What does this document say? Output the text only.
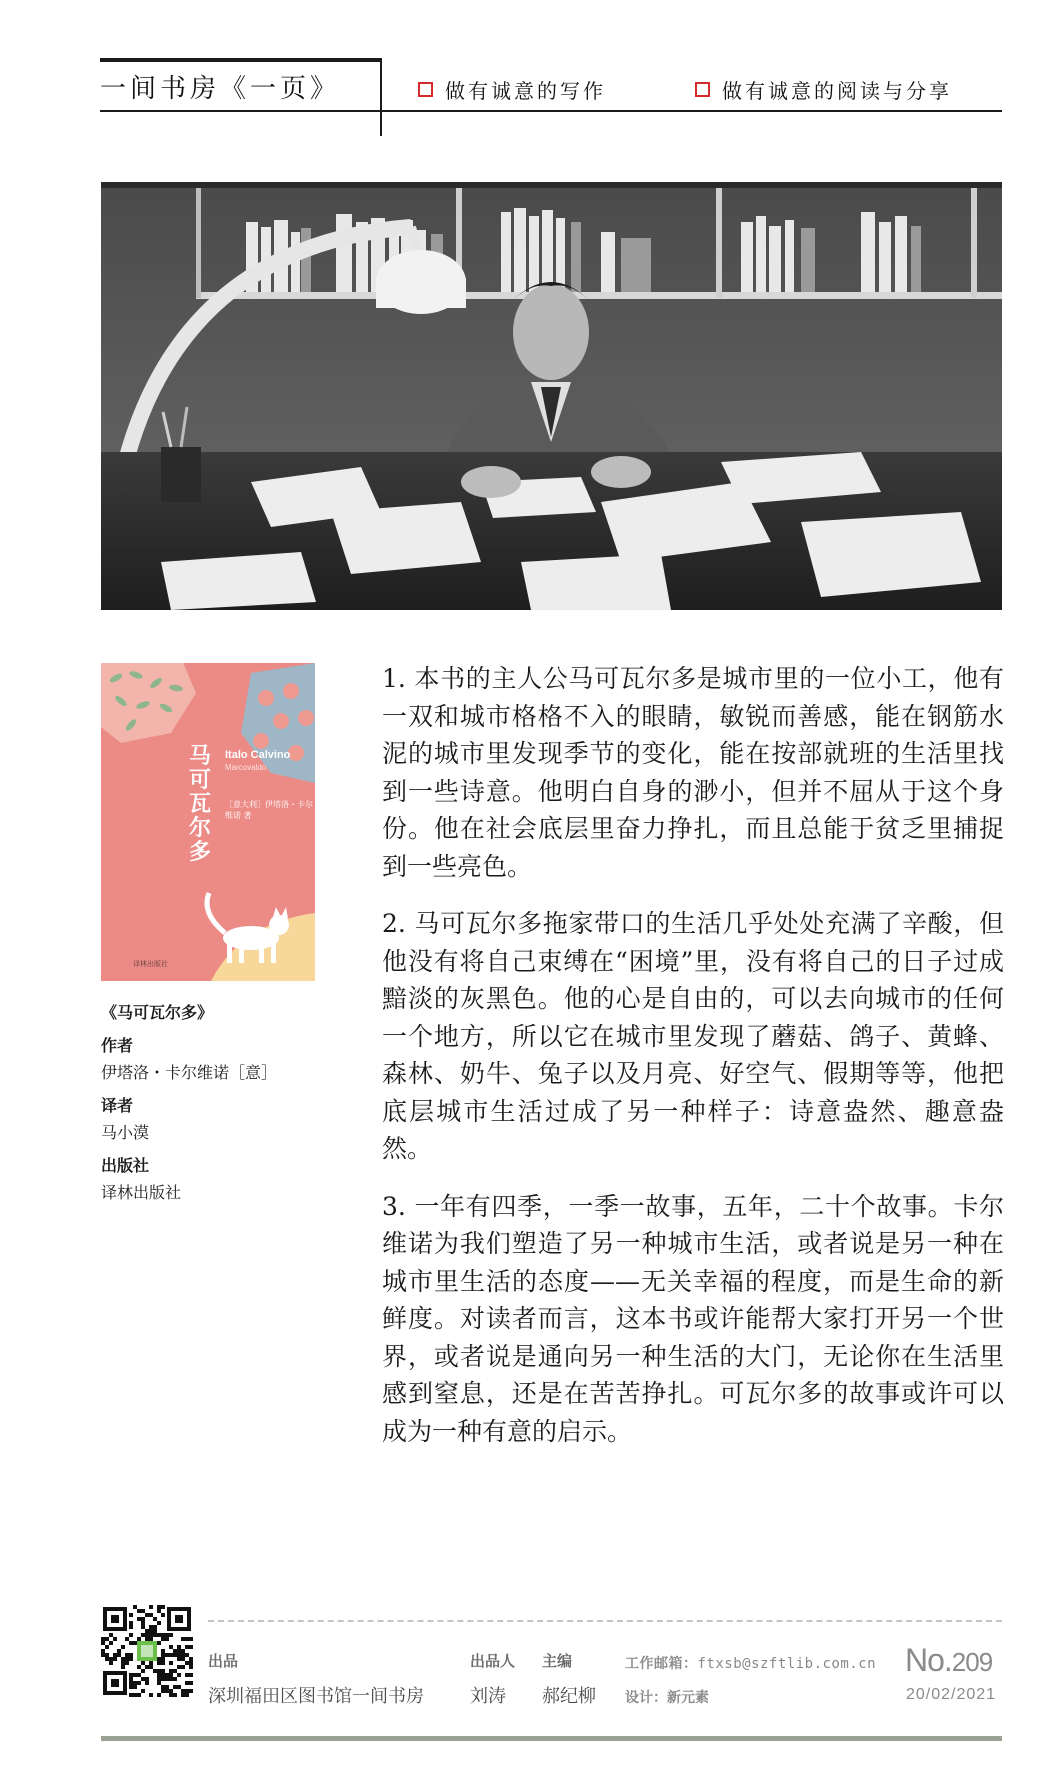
一间书房《一页》	做有诚意的写作	做有诚意的阅读与分享
马可瓦尔多
Italo Calvino
Marcovaldo
［意大利］伊塔洛・卡尔维诺 著
译林出版社
《马可瓦尔多》
作者
伊塔洛・卡尔维诺［意］
译者
马小漠
出版社
译林出版社

1. 本书的主人公马可瓦尔多是城市里的一位小工，他有一双和城市格格不入的眼睛，敏锐而善感，能在钢筋水泥的城市里发现季节的变化，能在按部就班的生活里找到一些诗意。他明白自身的渺小，但并不屈从于这个身份。他在社会底层里奋力挣扎，而且总能于贫乏里捕捉到一些亮色。

2. 马可瓦尔多拖家带口的生活几乎处处充满了辛酸，但他没有将自己束缚在“困境”里，没有将自己的日子过成黯淡的灰黑色。他的心是自由的，可以去向城市的任何一个地方，所以它在城市里发现了蘑菇、鸽子、黄蜂、森林、奶牛、兔子以及月亮、好空气、假期等等，他把底层城市生活过成了另一种样子：诗意盎然、趣意盎然。

3. 一年有四季，一季一故事，五年，二十个故事。卡尔维诺为我们塑造了另一种城市生活，或者说是另一种在城市里生活的态度——无关幸福的程度，而是生命的新鲜度。对读者而言，这本书或许能帮大家打开另一个世界，或者说是通向另一种生活的大门，无论你在生活里感到窒息，还是在苦苦挣扎。可瓦尔多的故事或许可以成为一种有意的启示。

出品
深圳福田区图书馆一间书房
出品人
刘涛
主编
郝纪柳
工作邮箱：ftxsb@szftlib.com.cn
设计：新元素
No.209
20/02/2021
